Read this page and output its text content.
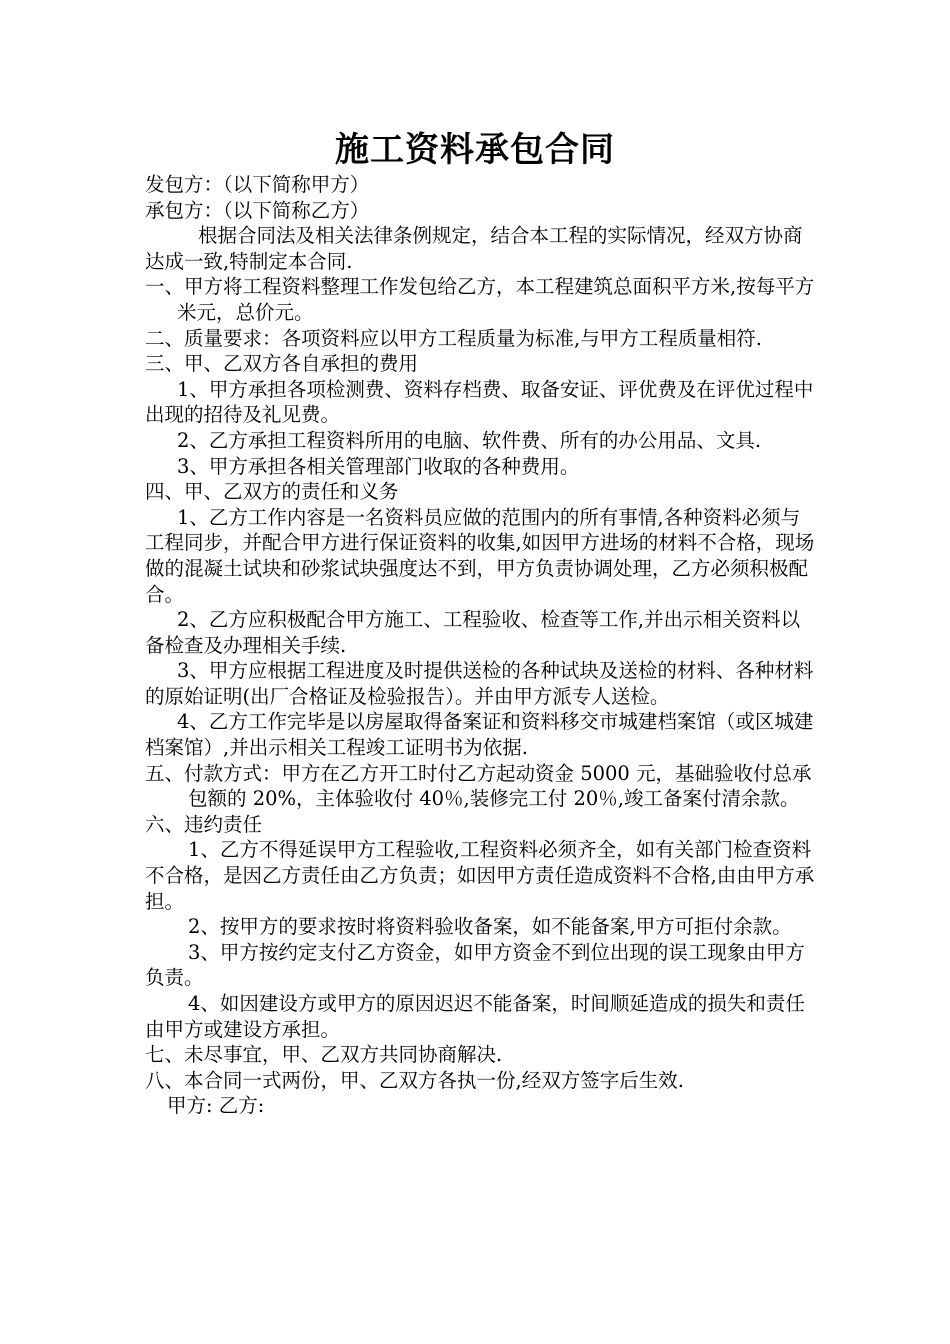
施工资料承包合同

发包方：（以下简称甲方）

承包方：（以下简称乙方）

根据合同法及相关法律条例规定，结合本工程的实际情况，经双方协商达成一致,特制定本合同.

一、甲方将工程资料整理工作发包给乙方，本工程建筑总面积平方米,按每平方米元，总价元。

二、质量要求：各项资料应以甲方工程质量为标准,与甲方工程质量相符.

三、甲、乙双方各自承担的费用

1、甲方承担各项检测费、资料存档费、取备安证、评优费及在评优过程中出现的招待及礼见费。

2、乙方承担工程资料所用的电脑、软件费、所有的办公用品、文具.

3、甲方承担各相关管理部门收取的各种费用。

四、甲、乙双方的责任和义务

1、乙方工作内容是一名资料员应做的范围内的所有事情,各种资料必须与工程同步，并配合甲方进行保证资料的收集,如因甲方进场的材料不合格，现场做的混凝土试块和砂浆试块强度达不到，甲方负责协调处理，乙方必须积极配合。

2、乙方应积极配合甲方施工、工程验收、检查等工作,并出示相关资料以备检查及办理相关手续.

3、甲方应根据工程进度及时提供送检的各种试块及送检的材料、各种材料的原始证明(出厂合格证及检验报告）。并由甲方派专人送检。

4、乙方工作完毕是以房屋取得备案证和资料移交市城建档案馆（或区城建档案馆）,并出示相关工程竣工证明书为依据.

五、付款方式：甲方在乙方开工时付乙方起动资金 5000 元，基础验收付总承包额的 20%，主体验收付 40％,装修完工付 20％,竣工备案付清余款。

六、违约责任

1、乙方不得延误甲方工程验收,工程资料必须齐全，如有关部门检查资料不合格，是因乙方责任由乙方负责；如因甲方责任造成资料不合格,由由甲方承担。

2、按甲方的要求按时将资料验收备案，如不能备案,甲方可拒付余款。

3、甲方按约定支付乙方资金，如甲方资金不到位出现的误工现象由甲方负责。

4、如因建设方或甲方的原因迟迟不能备案，时间顺延造成的损失和责任由甲方或建设方承担。

七、未尽事宜，甲、乙双方共同协商解决.

八、本合同一式两份，甲、乙双方各执一份,经双方签字后生效.

甲方: 乙方:
